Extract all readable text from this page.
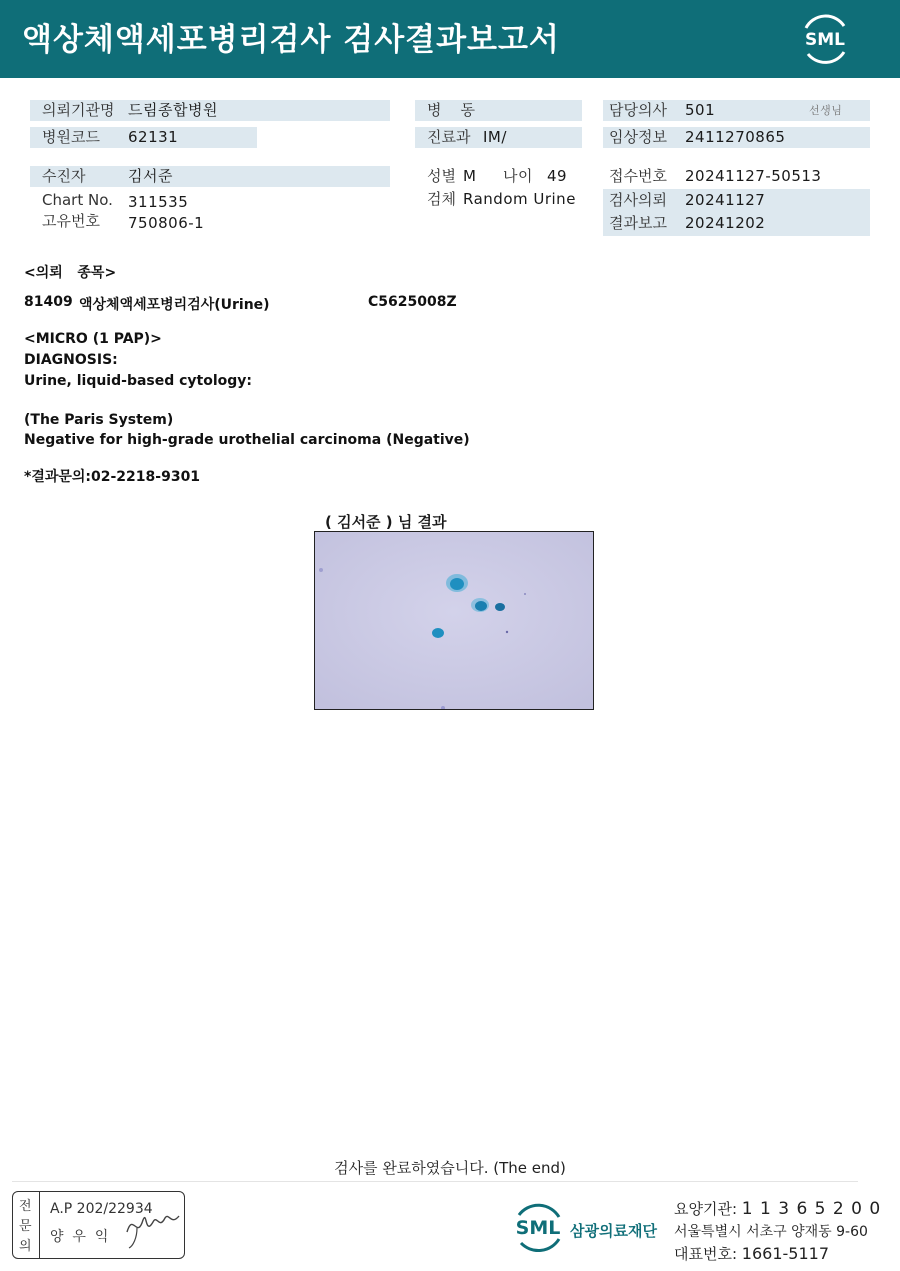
액상체액세포병리검사 검사결과보고서	SML
의뢰기관명 드림종합병원
병원코드 62131
수진자	김서준
Chart No. 311535
고유번호 750806-1
병    동
진료과 IM/
성별 M 나이 49
검체 Random Urine
담당의사 501	선생님
임상정보 2411270865
접수번호 20241127-50513
검사의뢰 20241127
결과보고 20241202
<의뢰   종목>
81409 액상체액세포병리검사(Urine)	C5625008Z
<MICRO (1 PAP)>
DIAGNOSIS:
Urine, liquid-based cytology:
(The Paris System)
Negative for high-grade urothelial carcinoma (Negative)
*결과문의:02-2218-9301
( 김서준 ) 님 결과
검사를 완료하였습니다. (The end)
전
문
의
A.P 202/22934
양  우  익	SML 삼광의료재단
요양기관: 1 1 3 6 5 2 0 0
서울특별시 서초구 양재동 9-60
대표번호: 1661-5117
